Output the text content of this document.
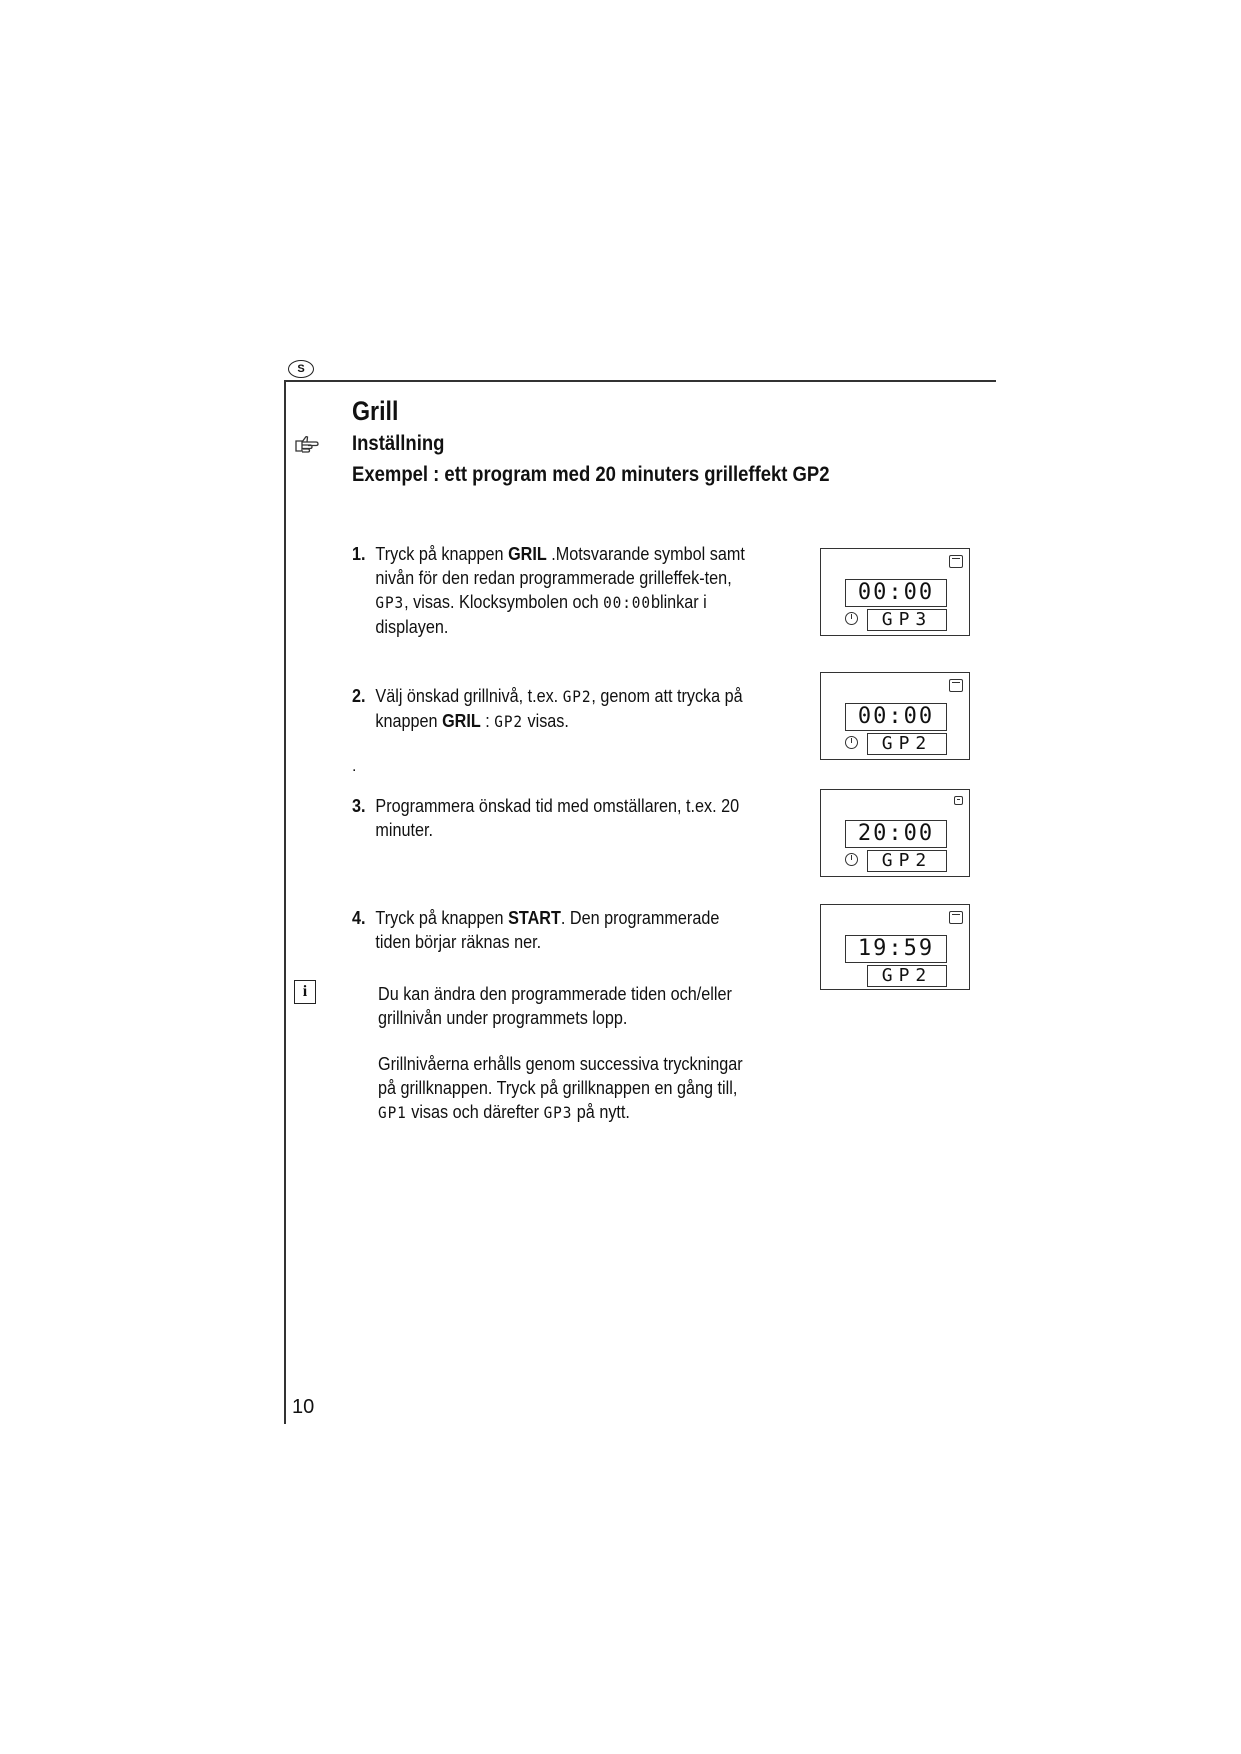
S
Grill
Inställning
Exempel : ett program med 20 minuters grilleffekt GP2
1. Tryck på knappen GRIL .Motsvarande symbol samt nivån för den redan programmerade grilleffek-ten, GP3, visas. Klocksymbolen och 00:00blinkar i displayen.
2. Välj önskad grillnivå, t.ex. GP2, genom att trycka på knappen GRIL : GP2 visas.
.
3. Programmera önskad tid med omställaren, t.ex. 20 minuter.
4. Tryck på knappen START. Den programmerade tiden börjar räknas ner.
i	Du kan ändra den programmerade tiden och/eller grillnivån under programmets lopp.
Grillnivåerna erhålls genom successiva tryckningar på grillknappen. Tryck på grillknappen en gång till, GP1 visas och därefter GP3 på nytt.
00:00
GP3
00:00
GP2
20:00
GP2
19:59
GP2
10
